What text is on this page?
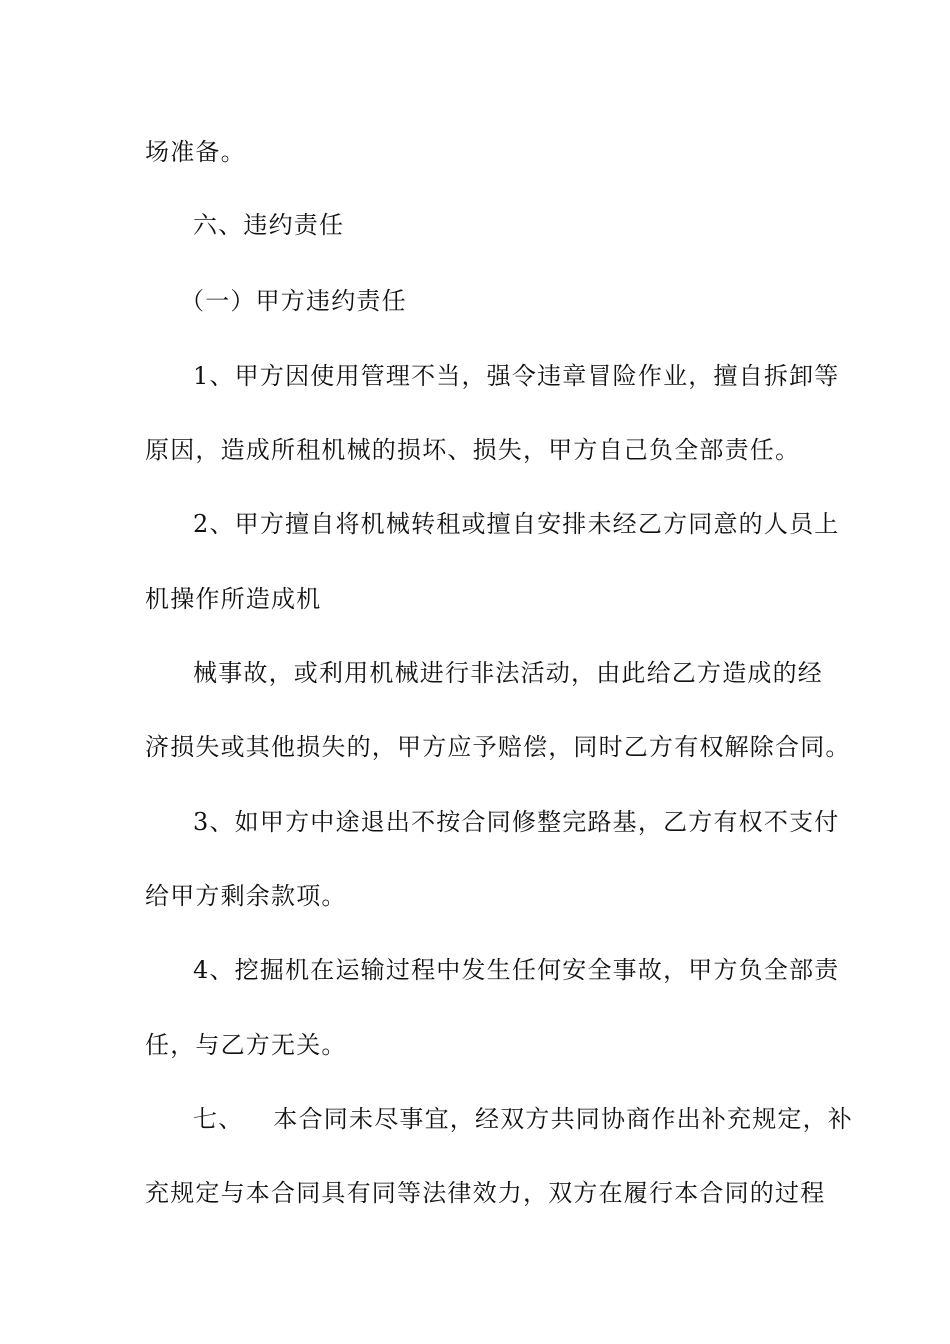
场准备。
六、违约责任
（一）甲方违约责任
1、甲方因使用管理不当，强令违章冒险作业，擅自拆卸等
原因，造成所租机械的损坏、损失，甲方自己负全部责任。
2、甲方擅自将机械转租或擅自安排未经乙方同意的人员上
机操作所造成机
械事故，或利用机械进行非法活动，由此给乙方造成的经
济损失或其他损失的，甲方应予赔偿，同时乙方有权解除合同。
3、如甲方中途退出不按合同修整完路基，乙方有权不支付
给甲方剩余款项。
4、挖掘机在运输过程中发生任何安全事故，甲方负全部责
任，与乙方无关。
七、 本合同未尽事宜，经双方共同协商作出补充规定，补
充规定与本合同具有同等法律效力，双方在履行本合同的过程
